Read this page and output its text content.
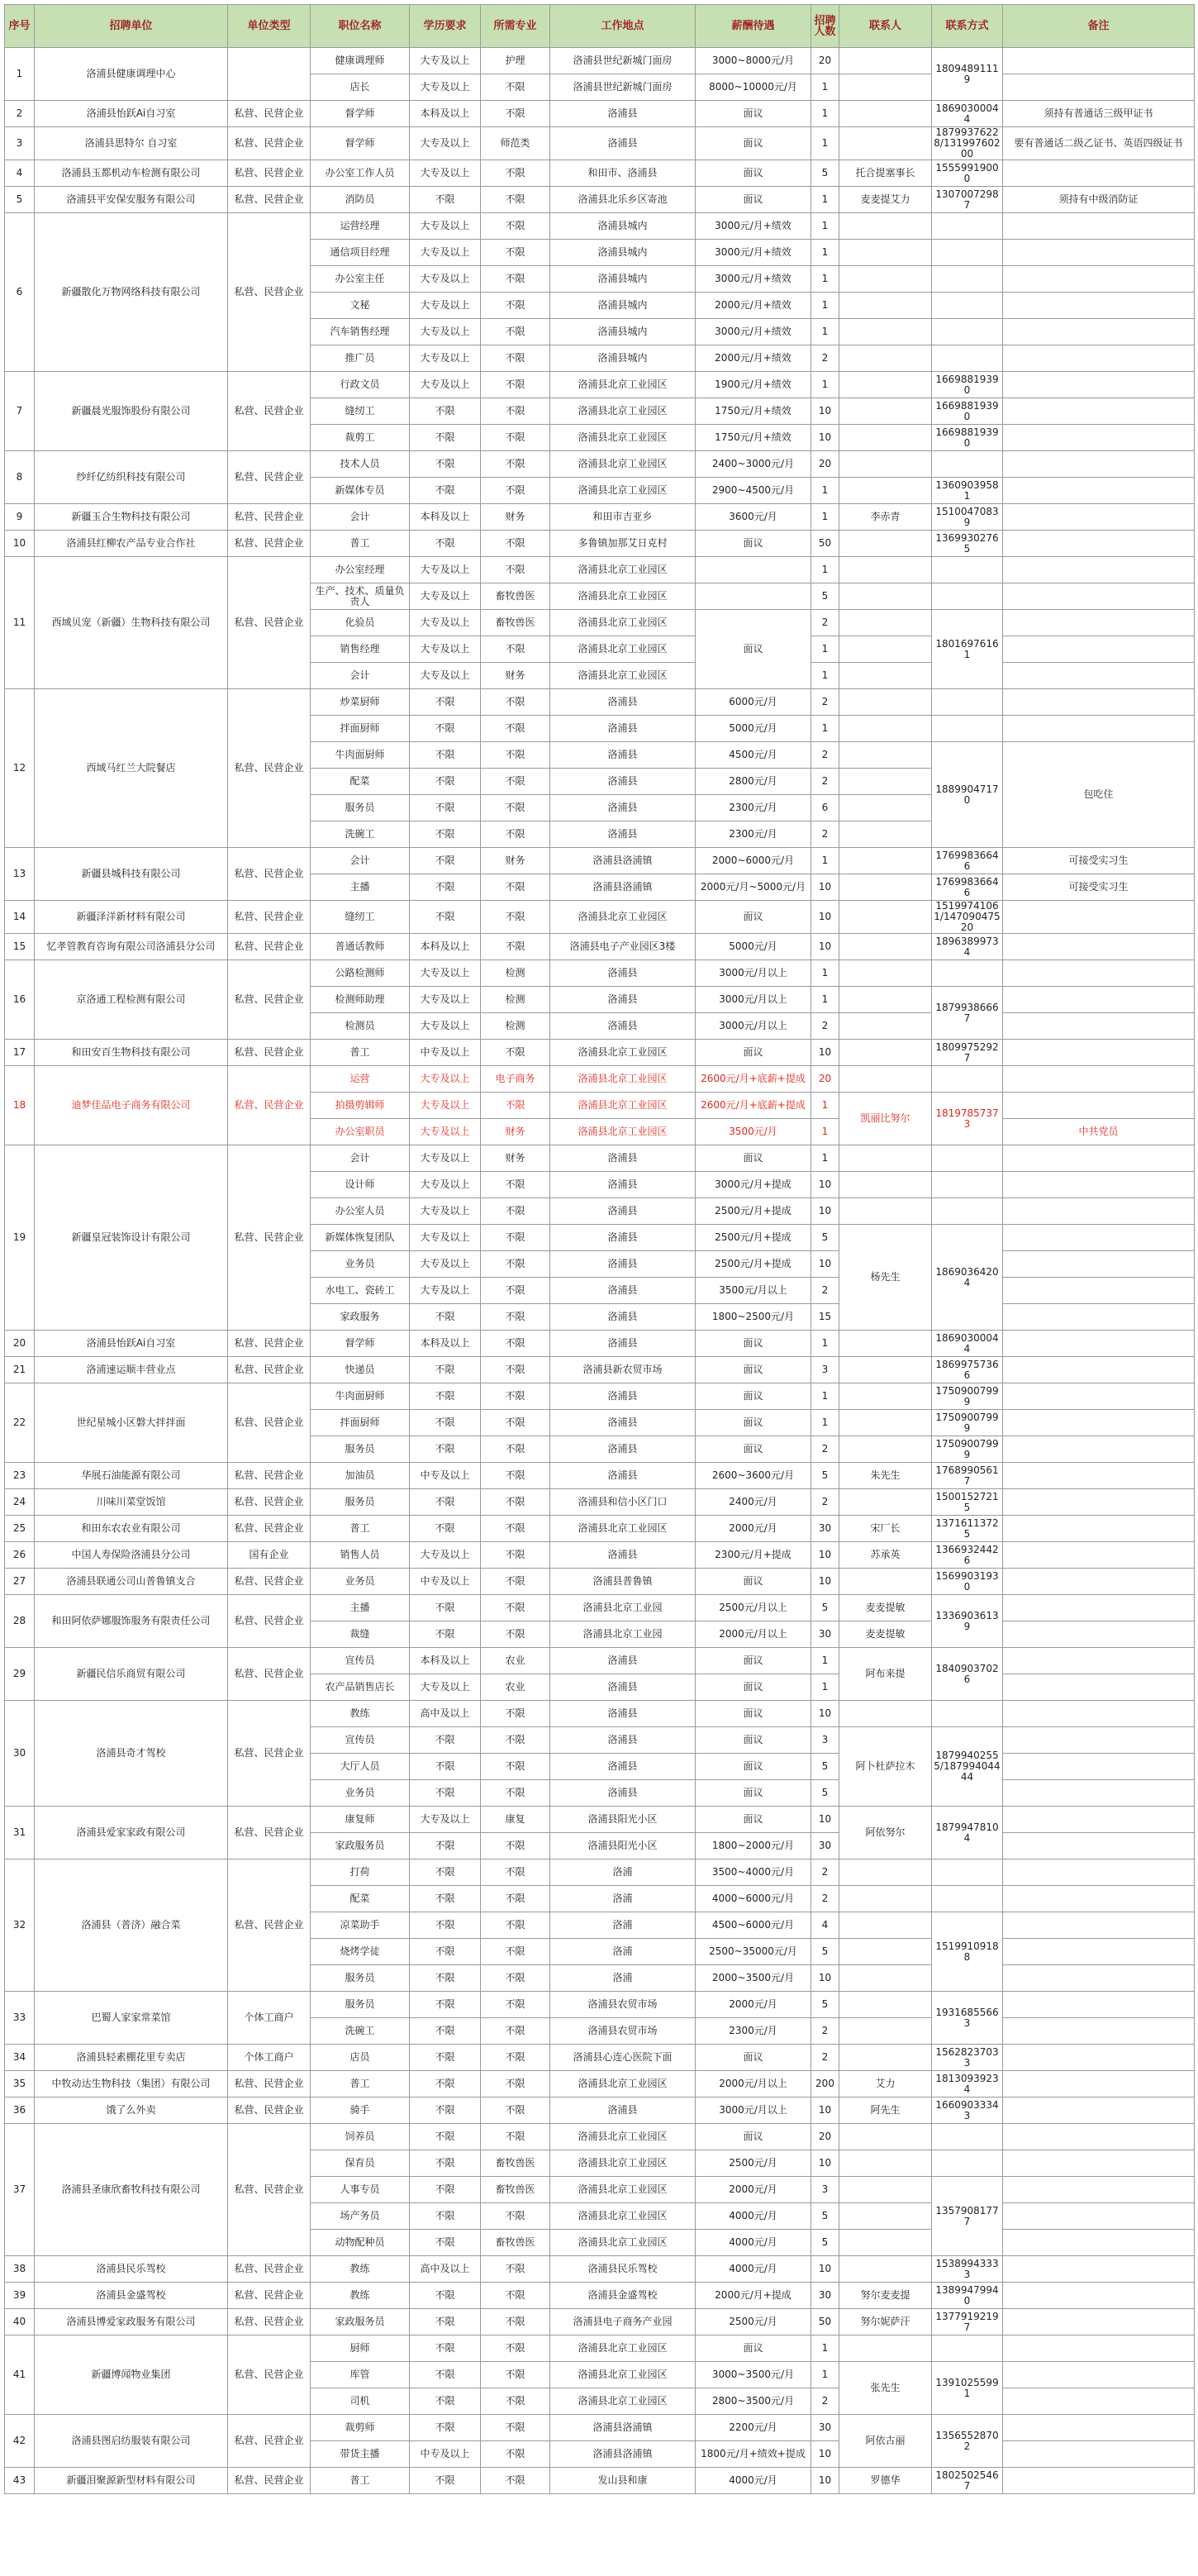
序号	招聘单位	单位类型	职位名称	学历要求	所需专业	工作地点	薪酬待遇	招聘人数	联系人	联系方式	备注
1	洛浦县健康调理中心		健康调理师	大专及以上	护理	洛浦县世纪新城门面房	3000~8000元/月	20		18094891119	
			店长	大专及以上	不限	洛浦县世纪新城门面房	8000~10000元/月	1			
2	洛浦县怡跃Ai自习室	私营、民营企业	督学师	本科及以上	不限	洛浦县	面议	1		18690300044	须持有普通话三级甲证书
3	洛浦县思特尔 自习室	私营、民营企业	督学师	大专及以上	师范类	洛浦县	面议	1		18799376228/13199760200	要有普通话二级乙证书、英语四级证书
4	洛浦县玉都机动车检测有限公司	私营、民营企业	办公室工作人员	大专及以上	不限	和田市、洛浦县	面议	5	托合提塞事长	15559919000	
5	洛浦县平安保安服务有限公司	私营、民营企业	消防员	不限	不限	洛浦县北乐乡区寄池	面议	1	麦麦提艾力	13070072987	须持有中级消防证
6	新疆散化万物网络科技有限公司	私营、民营企业	运营经理	大专及以上	不限	洛浦县城内	3000元/月+绩效	1			
			通信项目经理	大专及以上	不限	洛浦县城内	3000元/月+绩效	1			
			办公室主任	大专及以上	不限	洛浦县城内	3000元/月+绩效	1			
			文秘	大专及以上	不限	洛浦县城内	2000元/月+绩效	1			
			汽车销售经理	大专及以上	不限	洛浦县城内	3000元/月+绩效	1			
			推广员	大专及以上	不限	洛浦县城内	2000元/月+绩效	2			
7	新疆晨光服饰股份有限公司	私营、民营企业	行政文员	大专及以上	不限	洛浦县北京工业园区	1900元/月+绩效	1		16698819390	
			缝纫工	不限	不限	洛浦县北京工业园区	1750元/月+绩效	10		16698819390	
			裁剪工	不限	不限	洛浦县北京工业园区	1750元/月+绩效	10		16698819390	
8	纱纤亿纺织科技有限公司	私营、民营企业	技术人员	不限	不限	洛浦县北京工业园区	2400~3000元/月	20			
			新媒体专员	不限	不限	洛浦县北京工业园区	2900~4500元/月	1		13609039581	
9	新疆玉合生物科技有限公司	私营、民营企业	会计	本科及以上	财务	和田市吉亚乡	3600元/月	1	李赤青	15100470839	
10	洛浦县红柳农产品专业合作社	私营、民营企业	普工	不限	不限	多鲁镇加那艾日克村	面议	50		13699302765	
11	西域贝宠（新疆）生物科技有限公司	私营、民营企业	办公室经理	大专及以上	不限	洛浦县北京工业园区		1			
			生产、技术、质量负责人	大专及以上	畜牧兽医	洛浦县北京工业园区		5			
			化验员	大专及以上	畜牧兽医	洛浦县北京工业园区	面议	2		18016976161	
			销售经理	大专及以上	不限	洛浦县北京工业园区		1			
			会计	大专及以上	财务	洛浦县北京工业园区		1			
12	西域马红兰大院餐店	私营、民营企业	炒菜厨师	不限	不限	洛浦县	6000元/月	2			
			拌面厨师	不限	不限	洛浦县	5000元/月	1			
			牛肉面厨师	不限	不限	洛浦县	4500元/月	2		18899047170	包吃住
			配菜	不限	不限	洛浦县	2800元/月	2			
			服务员	不限	不限	洛浦县	2300元/月	6			
			洗碗工	不限	不限	洛浦县	2300元/月	2			
13	新疆县城科技有限公司	私营、民营企业	会计	不限	财务	洛浦县洛浦镇	2000~6000元/月	1		17699836646	可接受实习生
			主播	不限	不限	洛浦县洛浦镇	2000元/月~5000元/月	10		17699836646	可接受实习生
14	新疆泽洋新材料有限公司	私营、民营企业	缝纫工	不限	不限	洛浦县北京工业园区	面议	10		15199741061/14709047520	
15	忆孝管教育咨询有限公司洛浦县分公司	私营、民营企业	普通话教师	本科及以上	不限	洛浦县电子产业园区3楼	5000元/月	10		18963899734	
16	京洛通工程检测有限公司	私营、民营企业	公路检测师	大专及以上	检测	洛浦县	3000元/月以上	1			
			检测师助理	大专及以上	检测	洛浦县	3000元/月以上	1		18799386667	
			检测员	大专及以上	检测	洛浦县	3000元/月以上	2			
17	和田安百生物科技有限公司	私营、民营企业	普工	中专及以上	不限	洛浦县北京工业园区	面议	10		18099752927	
18	迪梦佳品电子商务有限公司	私营、民营企业	运营	大专及以上	电子商务	洛浦县北京工业园区	2600元/月+底薪+提成	20			
			拍摄剪辑师	大专及以上	不限	洛浦县北京工业园区	2600元/月+底薪+提成	1	凯丽比努尔	18197857373	
			办公室职员	大专及以上	财务	洛浦县北京工业园区	3500元/月	1			中共党员
19	新疆皇冠装饰设计有限公司	私营、民营企业	会计	大专及以上	财务	洛浦县	面议	1			
			设计师	大专及以上	不限	洛浦县	3000元/月+提成	10			
			办公室人员	大专及以上	不限	洛浦县	2500元/月+提成	10			
			新媒体恢复团队	大专及以上	不限	洛浦县	2500元/月+提成	5	杨先生	18690364204	
			业务员	大专及以上	不限	洛浦县	2500元/月+提成	10			
			水电工、瓷砖工	大专及以上	不限	洛浦县	3500元/月以上	2			
			家政服务	不限	不限	洛浦县	1800~2500元/月	15			
20	洛浦县怡跃Ai自习室	私营、民营企业	督学师	本科及以上	不限	洛浦县	面议	1		18690300044	
21	洛浦速运顺丰营业点	私营、民营企业	快递员	不限	不限	洛浦县新农贸市场	面议	3		18699757366	
22	世纪星城小区磐大拌拌面	私营、民营企业	牛肉面厨师	不限	不限	洛浦县	面议	1		17509007999	
			拌面厨师	不限	不限	洛浦县	面议	1		17509007999	
			服务员	不限	不限	洛浦县	面议	2		17509007999	
23	华展石油能源有限公司	私营、民营企业	加油员	中专及以上	不限	洛浦县	2600~3600元/月	5	朱先生	17689905617	
24	川味川菜堂饭馆	私营、民营企业	服务员	不限	不限	洛浦县和信小区门口	2400元/月	2		15001527215	
25	和田东农农业有限公司	私营、民营企业	普工	不限	不限	洛浦县北京工业园区	2000元/月	30	宋厂长	13716113725	
26	中国人寿保险洛浦县分公司	国有企业	销售人员	大专及以上	不限	洛浦县	2300元/月+提成	10	苏承英	13669324426	
27	洛浦县联通公司山普鲁镇支合	私营、民营企业	业务员	中专及以上	不限	洛浦县普鲁镇	面议	10		15699031930	
28	和田阿依萨娜服饰服务有限责任公司	私营、民营企业	主播	不限	不限	洛浦县北京工业园	2500元/月以上	5	麦麦提敏	13369036139	
			裁缝	不限	不限	洛浦县北京工业园	2000元/月以上	30	麦麦提敏		
29	新疆民信乐商贸有限公司	私营、民营企业	宣传员	本科及以上	农业	洛浦县	面议	1	阿布来提	18409037026	
			农产品销售店长	大专及以上	农业	洛浦县	面议	1			
30	洛浦县奇才驾校	私营、民营企业	教练	高中及以上	不限	洛浦县	面议	10			
			宣传员	不限	不限	洛浦县	面议	3	阿卜杜萨拉木	18799402555/18799404444	
			大厅人员	不限	不限	洛浦县	面议	5			
			业务员	不限	不限	洛浦县	面议	5			
31	洛浦县爱家家政有限公司	私营、民营企业	康复师	大专及以上	康复	洛浦县阳光小区	面议	10	阿依努尔	18799478104	
			家政服务员	不限	不限	洛浦县阳光小区	1800~2000元/月	30			
32	洛浦县（普济）融合菜	私营、民营企业	打荷	不限	不限	洛浦	3500~4000元/月	2			
			配菜	不限	不限	洛浦	4000~6000元/月	2			
			凉菜助手	不限	不限	洛浦	4500~6000元/月	4		15199109188	
			烧烤学徒	不限	不限	洛浦	2500~35000元/月	5			
			服务员	不限	不限	洛浦	2000~3500元/月	10			
33	巴蜀人家家常菜馆	个体工商户	服务员	不限	不限	洛浦县农贸市场	2000元/月	5		19316855663	
			洗碗工	不限	不限	洛浦县农贸市场	2300元/月	2			
34	洛浦县轻素棚花里专卖店	个体工商户	店员	不限	不限	洛浦县心连心医院下面	面议	2		15628237033	
35	中牧动达生物科技（集团）有限公司	私营、民营企业	普工	不限	不限	洛浦县北京工业园区	2000元/月以上	200	艾力	18130939234	
36	饿了么外卖	私营、民营企业	骑手	不限	不限	洛浦县	3000元/月以上	10	阿先生	16609033343	
37	洛浦县圣康欣畜牧科技有限公司	私营、民营企业	饲养员	不限	不限	洛浦县北京工业园区	面议	20			
			保育员	不限	畜牧兽医	洛浦县北京工业园区	2500元/月	10			
			人事专员	不限	畜牧兽医	洛浦县北京工业园区	2000元/月	3		13579081777	
			场产务员	不限	不限	洛浦县北京工业园区	4000元/月	5			
			动物配种员	不限	畜牧兽医	洛浦县北京工业园区	4000元/月	5			
38	洛浦县民乐驾校	私营、民营企业	教练	高中及以上	不限	洛浦县民乐驾校	4000元/月	10		15389943333	
39	洛浦县金盛驾校	私营、民营企业	教练	不限	不限	洛浦县金盛驾校	2000元/月+提成	30	努尔麦麦提	13899479940	
40	洛浦县博爱家政服务有限公司	私营、民营企业	家政服务员	不限	不限	洛浦县电子商务产业园	2500元/月	50	努尔妮萨汗	13779192197	
41	新疆博闻物业集团	私营、民营企业	厨师	不限	不限	洛浦县北京工业园区	面议	1			
			库管	不限	不限	洛浦县北京工业园区	3000~3500元/月	1	张先生	13910255991	
			司机	不限	不限	洛浦县北京工业园区	2800~3500元/月	2			
42	洛浦县图启纺服装有限公司	私营、民营企业	裁剪师	不限	不限	洛浦县洛浦镇	2200元/月	30	阿依古丽	13565528702	
			带货主播	中专及以上	不限	洛浦县洛浦镇	1800元/月+绩效+提成	10			
43	新疆泪聚源新型材料有限公司	私营、民营企业	普工	不限	不限	发山县和康	4000元/月	10	罗德华	18025025467	
